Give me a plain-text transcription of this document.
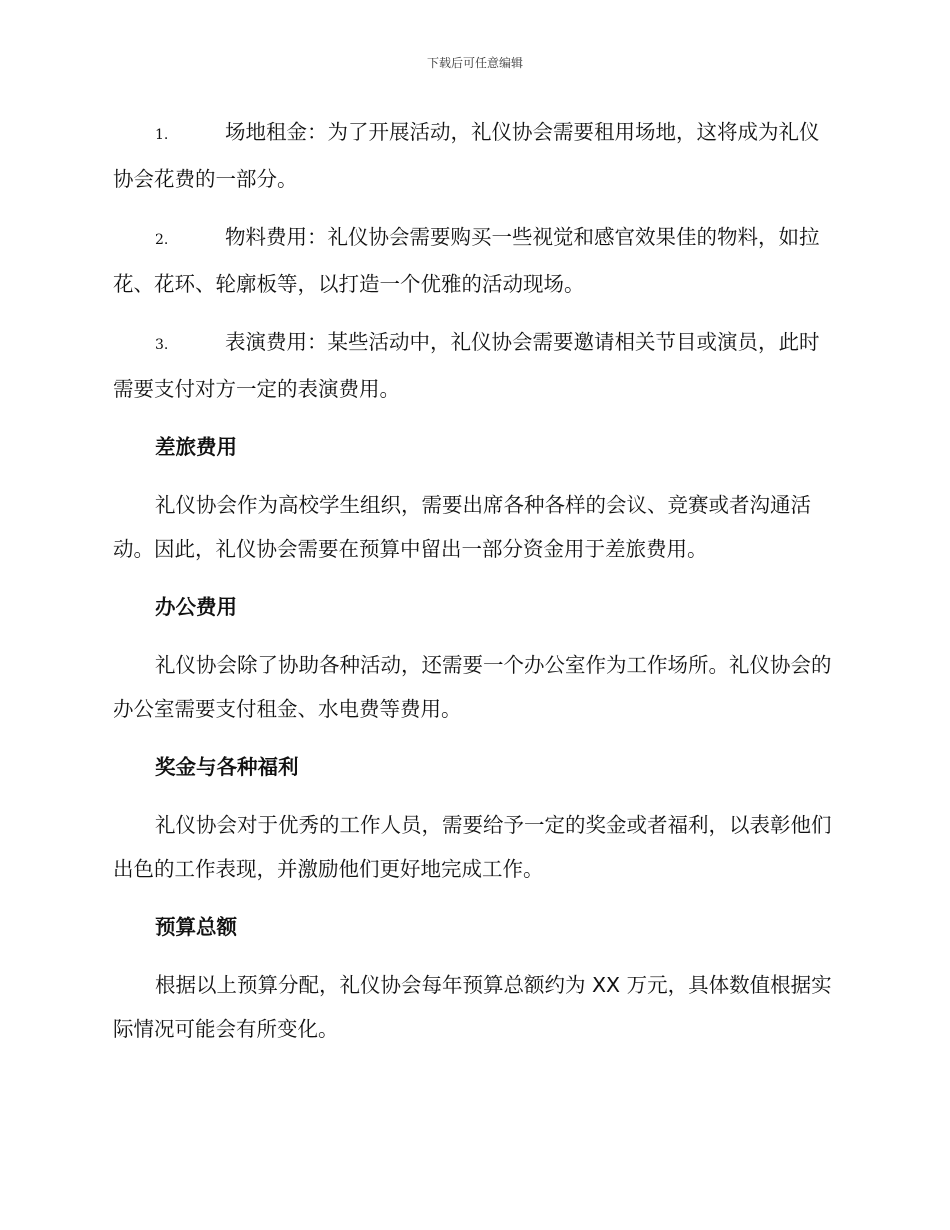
下载后可任意编辑
1.	场地租金：为了开展活动，礼仪协会需要租用场地，这将成为礼仪协会花费的一部分。
2.	物料费用：礼仪协会需要购买一些视觉和感官效果佳的物料，如拉花、花环、轮廓板等，以打造一个优雅的活动现场。
3.	表演费用：某些活动中，礼仪协会需要邀请相关节目或演员，此时需要支付对方一定的表演费用。
差旅费用
礼仪协会作为高校学生组织，需要出席各种各样的会议、竞赛或者沟通活动。因此，礼仪协会需要在预算中留出一部分资金用于差旅费用。
办公费用
礼仪协会除了协助各种活动，还需要一个办公室作为工作场所。礼仪协会的办公室需要支付租金、水电费等费用。
奖金与各种福利
礼仪协会对于优秀的工作人员，需要给予一定的奖金或者福利，以表彰他们出色的工作表现，并激励他们更好地完成工作。
预算总额
根据以上预算分配，礼仪协会每年预算总额约为 XX 万元，具体数值根据实际情况可能会有所变化。
